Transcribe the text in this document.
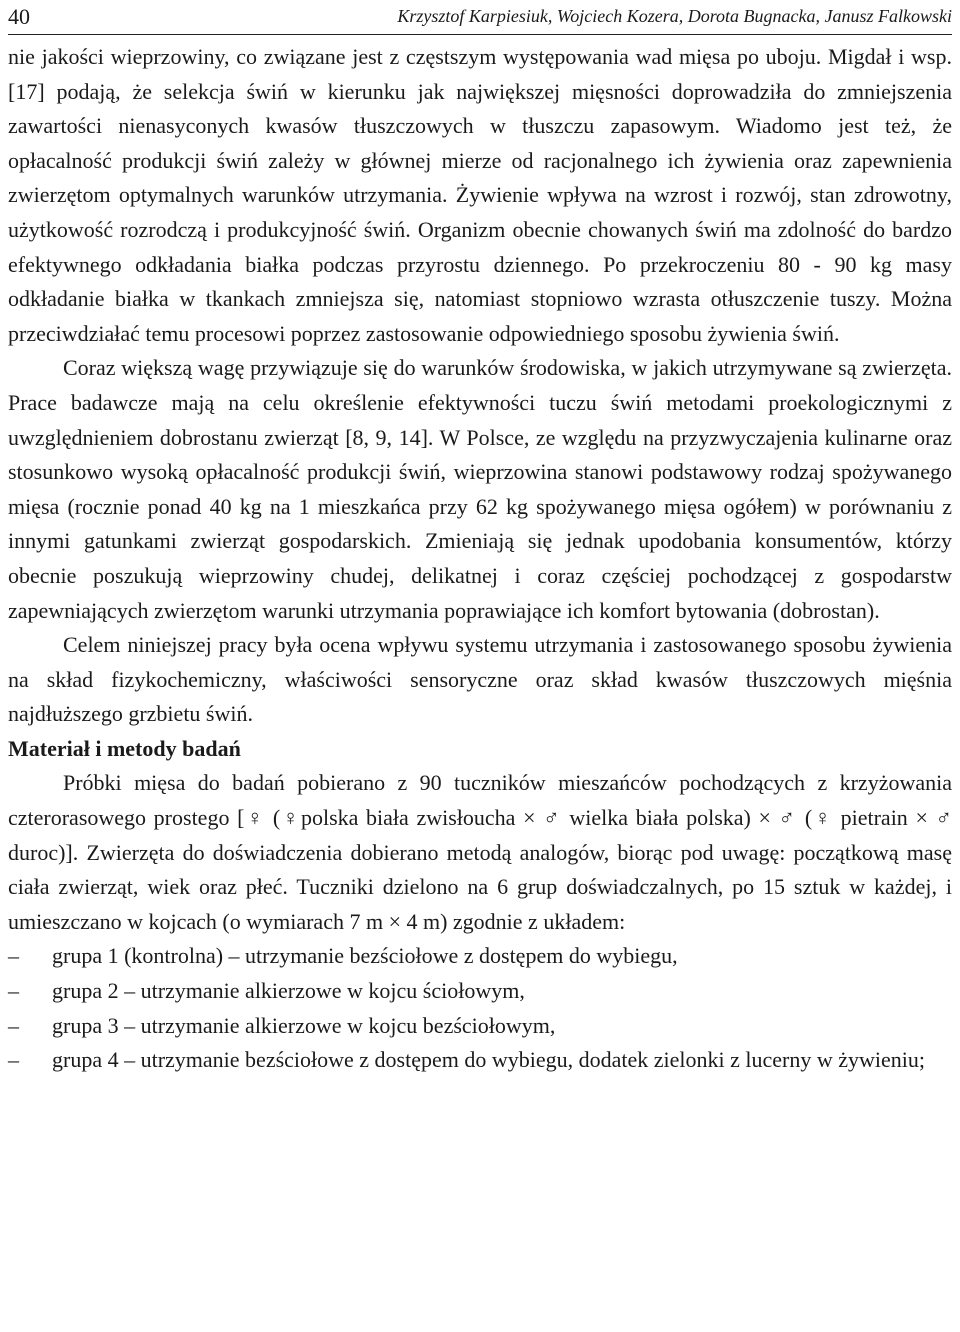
40	Krzysztof Karpiesiuk, Wojciech Kozera, Dorota Bugnacka, Janusz Falkowski

nie jakości wieprzowiny, co związane jest z częstszym występowania wad mięsa po uboju. Migdał i wsp. [17] podają, że selekcja świń w kierunku jak największej mięsności doprowadziła do zmniejszenia zawartości nienasyconych kwasów tłuszczowych w tłuszczu zapasowym. Wiadomo jest też, że opłacalność produkcji świń zależy w głównej mierze od racjonalnego ich żywienia oraz zapewnienia zwierzętom optymalnych warunków utrzymania. Żywienie wpływa na wzrost i rozwój, stan zdrowotny, użytkowość rozrodczą i produkcyjność świń. Organizm obecnie chowanych świń ma zdolność do bardzo efektywnego odkładania białka podczas przyrostu dziennego. Po przekroczeniu 80 - 90 kg masy odkładanie białka w tkankach zmniejsza się, natomiast stopniowo wzrasta otłuszczenie tuszy. Można przeciwdziałać temu procesowi poprzez zastosowanie odpowiedniego sposobu żywienia świń.

Coraz większą wagę przywiązuje się do warunków środowiska, w jakich utrzymywane są zwierzęta. Prace badawcze mają na celu określenie efektywności tuczu świń metodami proekologicznymi z uwzględnieniem dobrostanu zwierząt [8, 9, 14]. W Polsce, ze względu na przyzwyczajenia kulinarne oraz stosunkowo wysoką opłacalność produkcji świń, wieprzowina stanowi podstawowy rodzaj spożywanego mięsa (rocznie ponad 40 kg na 1 mieszkańca przy 62 kg spożywanego mięsa ogółem) w porównaniu z innymi gatunkami zwierząt gospodarskich. Zmieniają się jednak upodobania konsumentów, którzy obecnie poszukują wieprzowiny chudej, delikatnej i coraz częściej pochodzącej z gospodarstw zapewniających zwierzętom warunki utrzymania poprawiające ich komfort bytowania (dobrostan).

Celem niniejszej pracy była ocena wpływu systemu utrzymania i zastosowanego sposobu żywienia na skład fizykochemiczny, właściwości sensoryczne oraz skład kwasów tłuszczowych mięśnia najdłuższego grzbietu świń.

Materiał i metody badań

Próbki mięsa do badań pobierano z 90 tuczników mieszańców pochodzących z krzyżowania czterorasowego prostego [♀ (♀polska biała zwisłoucha × ♂ wielka biała polska) × ♂ (♀ pietrain × ♂ duroc)]. Zwierzęta do doświadczenia dobierano metodą analogów, biorąc pod uwagę: początkową masę ciała zwierząt, wiek oraz płeć. Tuczniki dzielono na 6 grup doświadczalnych, po 15 sztuk w każdej, i umieszczano w kojcach (o wymiarach 7 m × 4 m) zgodnie z układem:

– grupa 1 (kontrolna) – utrzymanie bezściołowe z dostępem do wybiegu,
– grupa 2 – utrzymanie alkierzowe w kojcu ściołowym,
– grupa 3 – utrzymanie alkierzowe w kojcu bezściołowym,
– grupa 4 – utrzymanie bezściołowe z dostępem do wybiegu, dodatek zielonki z lucerny w żywieniu;
